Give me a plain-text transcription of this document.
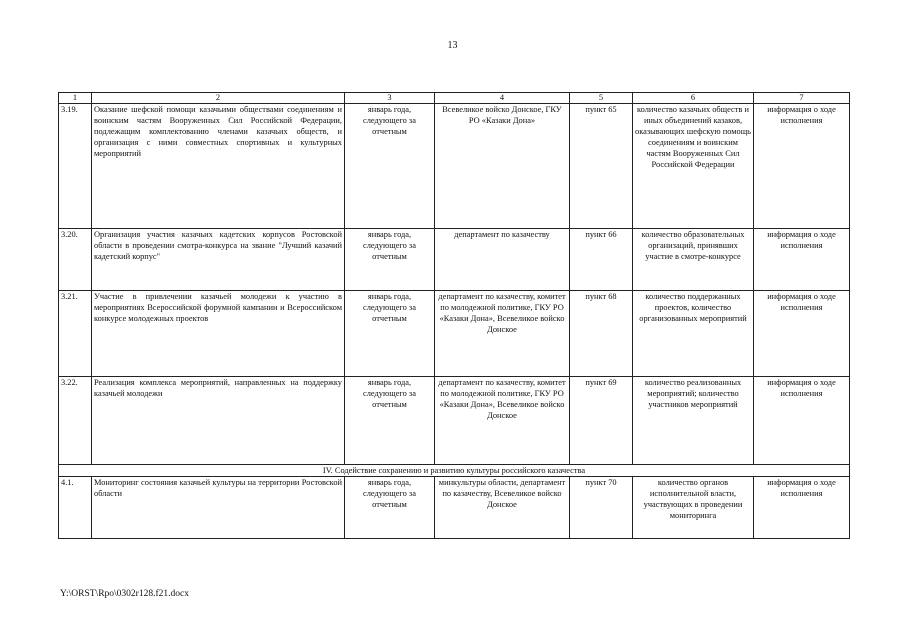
13
1	2	3	4	5	6	7
3.19.	Оказание шефской помощи казачьими обществами соединениям и воинским частям Вооруженных Сил Российской Федерации, подлежащим комплектованию членами казачьих обществ, и организация с ними совместных спортивных и культурных мероприятий	январь года, следующего за отчетным	Всевеликое войско Донское, ГКУ РО «Казаки Дона»	пункт 65	количество казачьих обществ и иных объединений казаков, оказывающих шефскую помощь соединениям и воинским частям Вооруженных Сил Российской Федерации	информация о ходе исполнения
3.20.	Организация участия казачьих кадетских корпусов Ростовской области в проведении смотра-конкурса на звание "Лучший казачий кадетский корпус"	январь года, следующего за отчетным	департамент по казачеству	пункт 66	количество образовательных организаций, принявших участие в смотре-конкурсе	информация о ходе исполнения
3.21.	Участие в привлечении казачьей молодежи к участию в мероприятиях Всероссийской форумной кампании и Всероссийском конкурсе молодежных проектов	январь года, следующего за отчетным	департамент по казачеству, комитет по молодежной политике, ГКУ РО «Казаки Дона», Всевеликое войско Донское	пункт 68	количество поддержанных проектов, количество организованных мероприятий	информация о ходе исполнения
3.22.	Реализация комплекса мероприятий, направленных на поддержку казачьей молодежи	январь года, следующего за отчетным	департамент по казачеству, комитет по молодежной политике, ГКУ РО «Казаки Дона», Всевеликое войско Донское	пункт 69	количество реализованных мероприятий; количество участников мероприятий	информация о ходе исполнения
IV. Содействие сохранению и развитию культуры российского казачества						
4.1.	Мониторинг состояния казачьей культуры на территории Ростовской области	январь года, следующего за отчетным	минкультуры области, департамент по казачеству, Всевеликое войско Донское	пункт 70	количество органов исполнительной власти, участвующих в проведении мониторинга	информация о ходе исполнения
Y:\ORST\Rpo\0302r128.f21.docx
